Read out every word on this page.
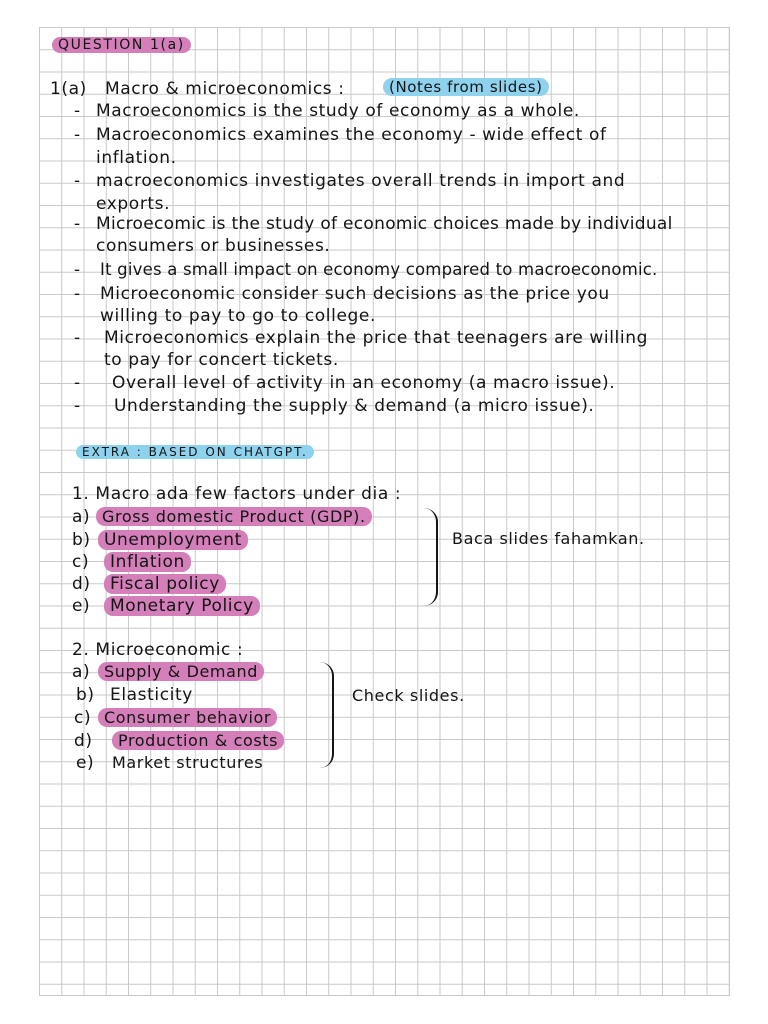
QUESTION 1(a)
1(a) Macro & microeconomics :	(Notes from slides)
- Macroeconomics is the study of economy as a whole.
- Macroeconomics examines the economy - wide effect of
inflation.
- macroeconomics investigates overall trends in import and
exports.
- Microecomic is the study of economic choices made by individual
consumers or businesses.
- It gives a small impact on economy compared to macroeconomic.
- Microeconomic consider such decisions as the price you
willing to pay to go to college.
- Microeconomics explain the price that teenagers are willing
to pay for concert tickets.
- Overall level of activity in an economy (a macro issue).
- Understanding the supply & demand (a micro issue).
EXTRA : BASED ON CHATGPT.
1. Macro ada few factors under dia :
a) Gross domestic Product (GDP).
b) Unemployment
c)	Inflation
d)	Fiscal policy
e)	Monetary Policy
Baca slides fahamkan.
2. Microeconomic :
a) Supply & Demand
b) Elasticity
c) Consumer behavior
d)	Production & costs
e) Market structures
Check slides.
